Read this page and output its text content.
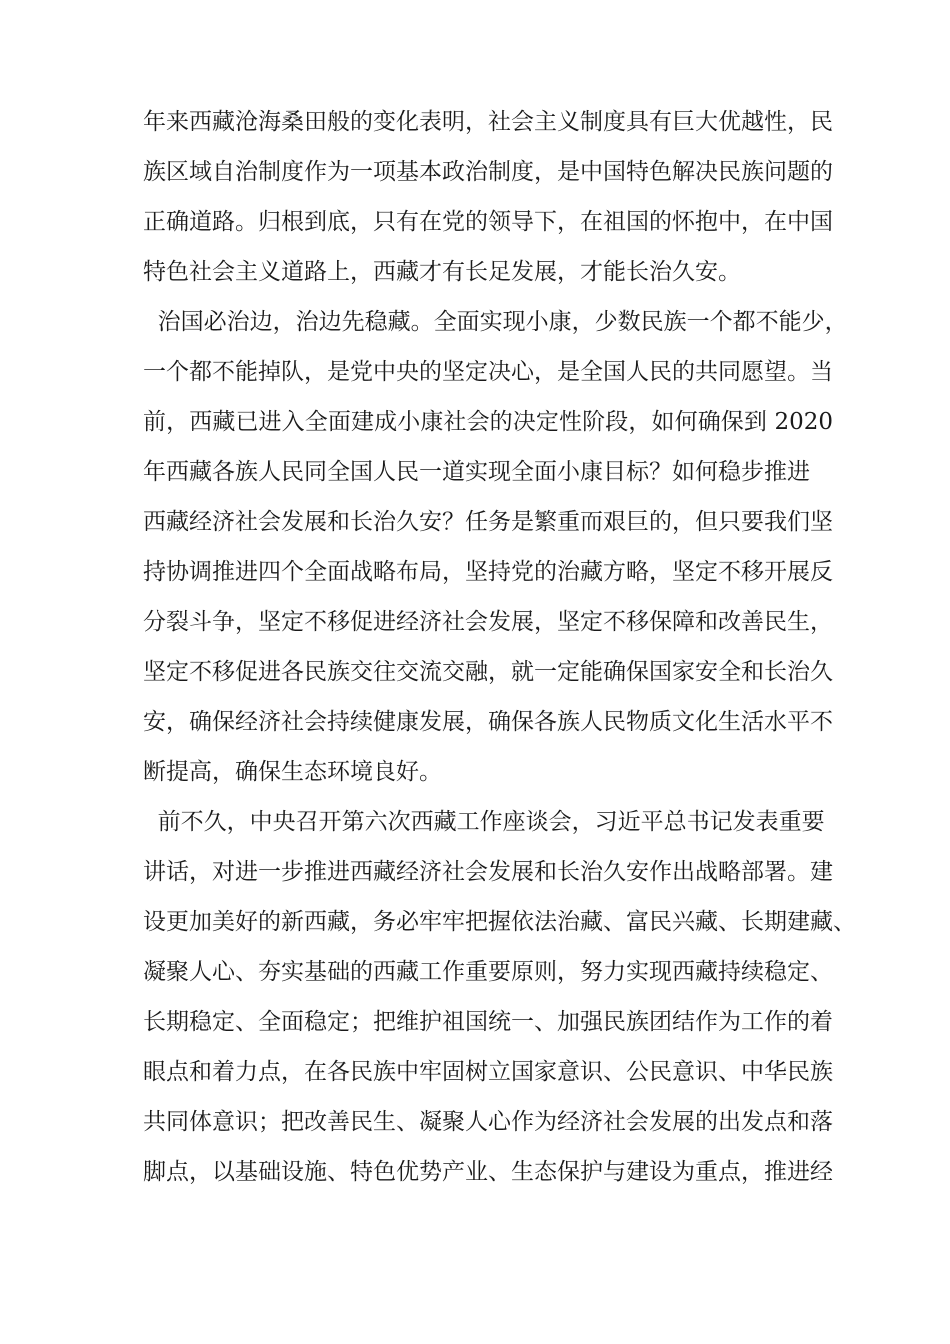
年来西藏沧海桑田般的变化表明，社会主义制度具有巨大优越性，民
族区域自治制度作为一项基本政治制度，是中国特色解决民族问题的
正确道路。归根到底，只有在党的领导下，在祖国的怀抱中，在中国
特色社会主义道路上，西藏才有长足发展，才能长治久安。
治国必治边，治边先稳藏。全面实现小康，少数民族一个都不能少，
一个都不能掉队，是党中央的坚定决心，是全国人民的共同愿望。当
前，西藏已进入全面建成小康社会的决定性阶段，如何确保到 2020
年西藏各族人民同全国人民一道实现全面小康目标？如何稳步推进
西藏经济社会发展和长治久安？任务是繁重而艰巨的，但只要我们坚
持协调推进四个全面战略布局，坚持党的治藏方略，坚定不移开展反
分裂斗争，坚定不移促进经济社会发展，坚定不移保障和改善民生，
坚定不移促进各民族交往交流交融，就一定能确保国家安全和长治久
安，确保经济社会持续健康发展，确保各族人民物质文化生活水平不
断提高，确保生态环境良好。
前不久，中央召开第六次西藏工作座谈会，习近平总书记发表重要
讲话，对进一步推进西藏经济社会发展和长治久安作出战略部署。建
设更加美好的新西藏，务必牢牢把握依法治藏、富民兴藏、长期建藏、
凝聚人心、夯实基础的西藏工作重要原则，努力实现西藏持续稳定、
长期稳定、全面稳定；把维护祖国统一、加强民族团结作为工作的着
眼点和着力点，在各民族中牢固树立国家意识、公民意识、中华民族
共同体意识；把改善民生、凝聚人心作为经济社会发展的出发点和落
脚点，以基础设施、特色优势产业、生态保护与建设为重点，推进经
